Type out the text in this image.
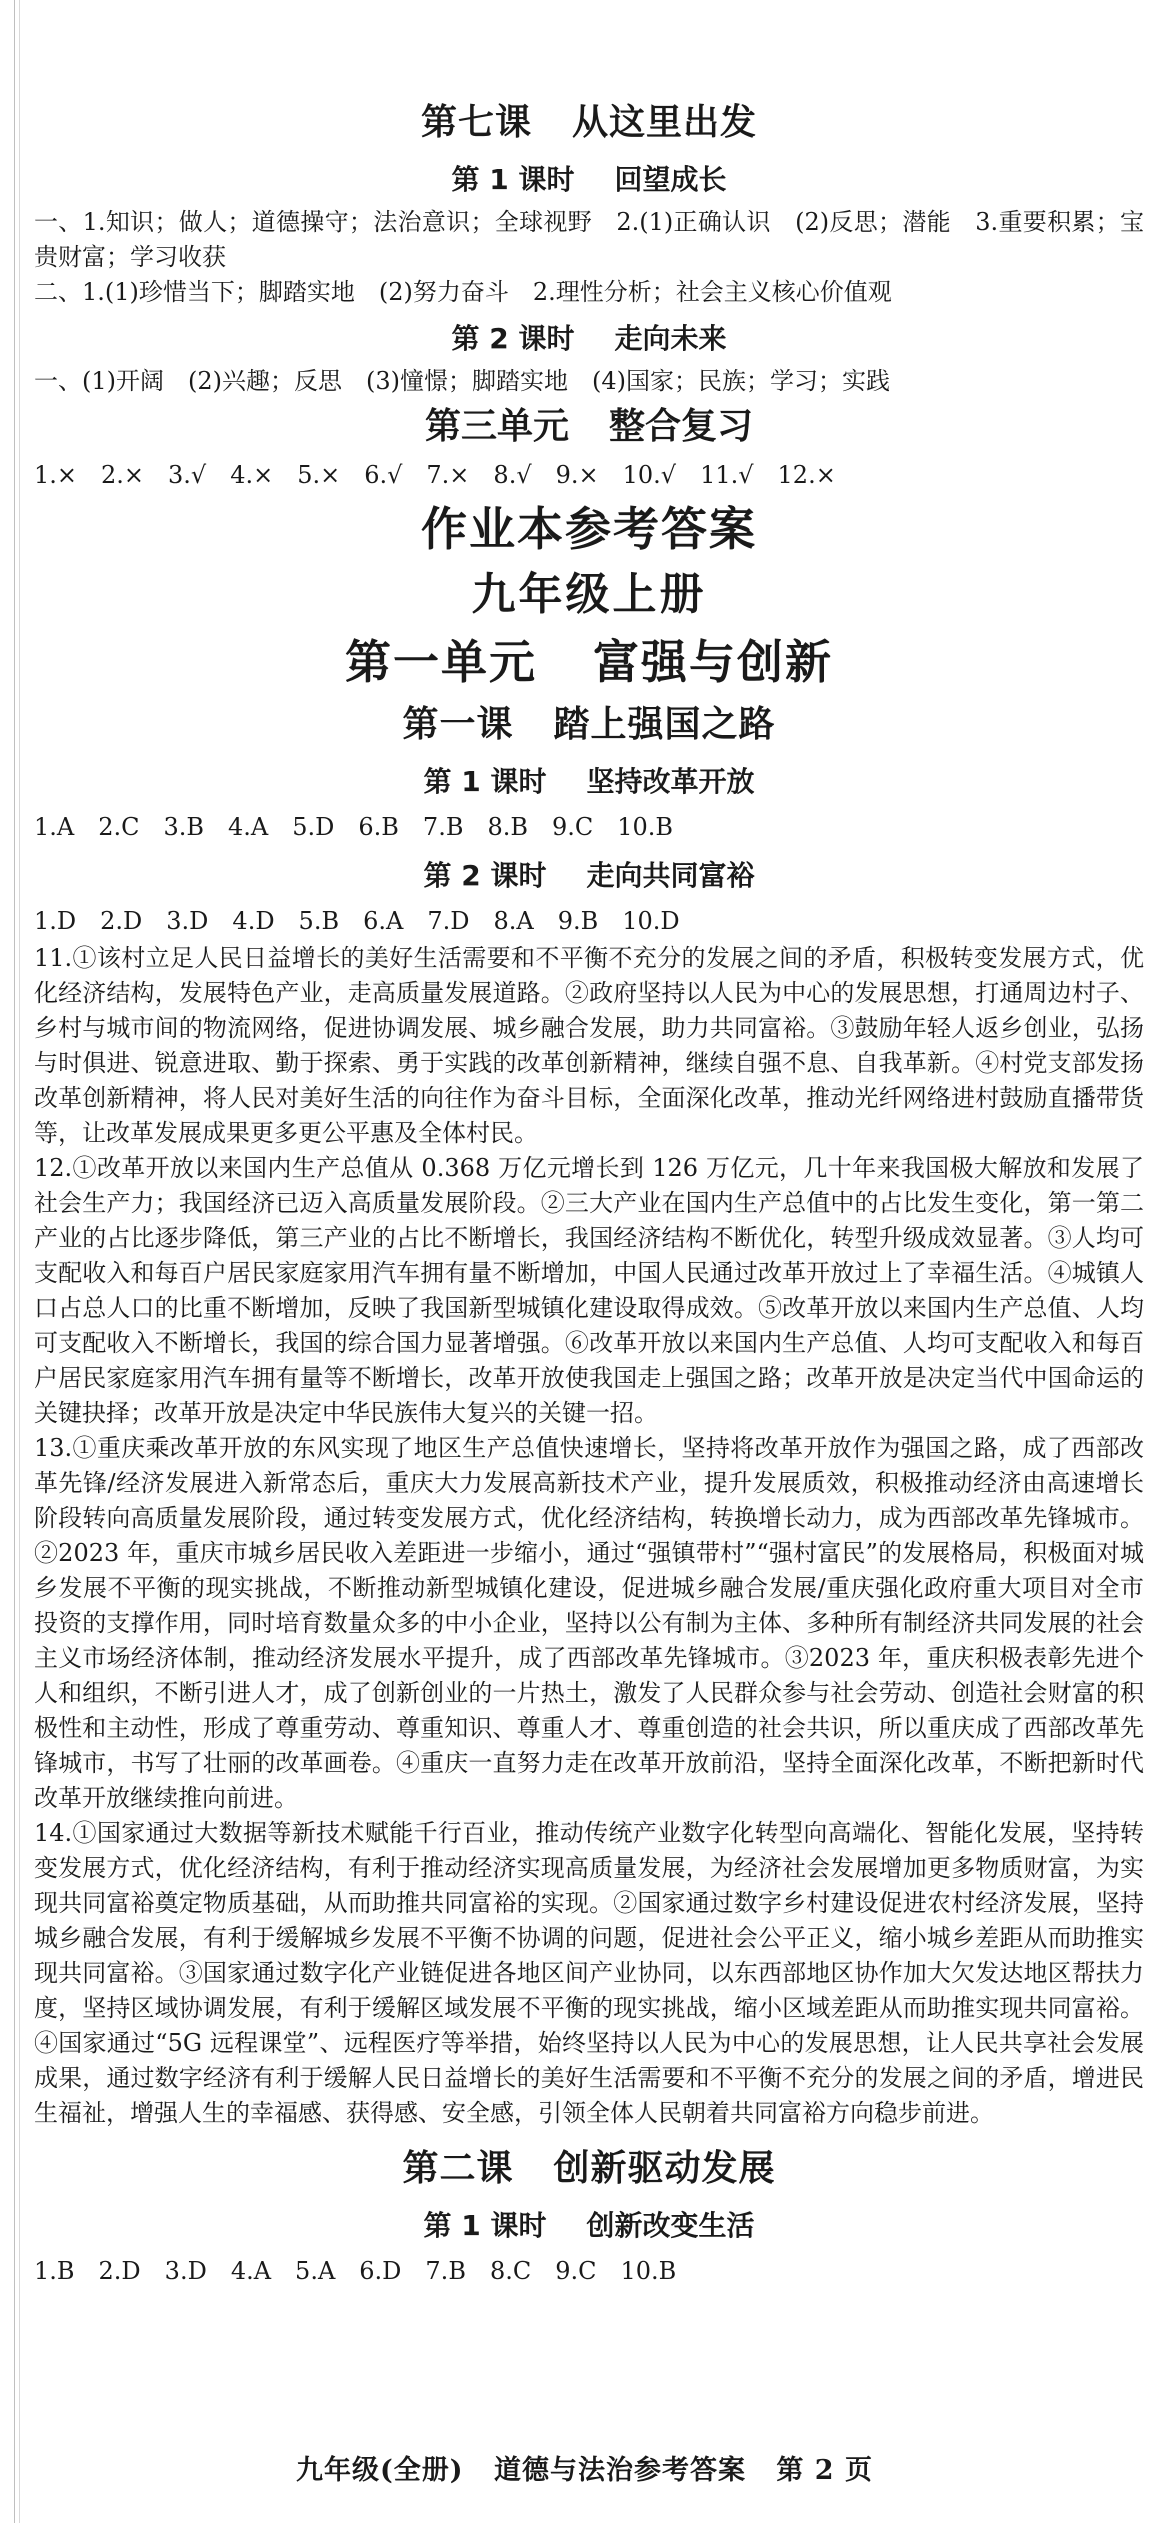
第七课 从这里出发
第 1 课时 回望成长

一、1.知识；做人；道德操守；法治意识；全球视野　2.(1)正确认识　(2)反思；潜能　3.重要积累；宝贵财富；学习收获

二、1.(1)珍惜当下；脚踏实地　(2)努力奋斗　2.理性分析；社会主义核心价值观

第 2 课时 走向未来

一、(1)开阔　(2)兴趣；反思　(3)憧憬；脚踏实地　(4)国家；民族；学习；实践

第三单元 整合复习

1.×　2.×　3.√　4.×　5.×　6.√　7.×　8.√　9.×　10.√　11.√　12.×

作业本参考答案
九年级上册
第一单元 富强与创新
第一课 踏上强国之路
第 1 课时 坚持改革开放

1.A　2.C　3.B　4.A　5.D　6.B　7.B　8.B　9.C　10.B

第 2 课时 走向共同富裕

1.D　2.D　3.D　4.D　5.B　6.A　7.D　8.A　9.B　10.D

11.①该村立足人民日益增长的美好生活需要和不平衡不充分的发展之间的矛盾，积极转变发展方式，优化经济结构，发展特色产业，走高质量发展道路。②政府坚持以人民为中心的发展思想，打通周边村子、乡村与城市间的物流网络，促进协调发展、城乡融合发展，助力共同富裕。③鼓励年轻人返乡创业，弘扬与时俱进、锐意进取、勤于探索、勇于实践的改革创新精神，继续自强不息、自我革新。④村党支部发扬改革创新精神，将人民对美好生活的向往作为奋斗目标，全面深化改革，推动光纤网络进村鼓励直播带货等，让改革发展成果更多更公平惠及全体村民。

12.①改革开放以来国内生产总值从 0.368 万亿元增长到 126 万亿元，几十年来我国极大解放和发展了社会生产力；我国经济已迈入高质量发展阶段。②三大产业在国内生产总值中的占比发生变化，第一第二产业的占比逐步降低，第三产业的占比不断增长，我国经济结构不断优化，转型升级成效显著。③人均可支配收入和每百户居民家庭家用汽车拥有量不断增加，中国人民通过改革开放过上了幸福生活。④城镇人口占总人口的比重不断增加，反映了我国新型城镇化建设取得成效。⑤改革开放以来国内生产总值、人均可支配收入不断增长，我国的综合国力显著增强。⑥改革开放以来国内生产总值、人均可支配收入和每百户居民家庭家用汽车拥有量等不断增长，改革开放使我国走上强国之路；改革开放是决定当代中国命运的关键抉择；改革开放是决定中华民族伟大复兴的关键一招。

13.①重庆乘改革开放的东风实现了地区生产总值快速增长，坚持将改革开放作为强国之路，成了西部改革先锋/经济发展进入新常态后，重庆大力发展高新技术产业，提升发展质效，积极推动经济由高速增长阶段转向高质量发展阶段，通过转变发展方式，优化经济结构，转换增长动力，成为西部改革先锋城市。②2023 年，重庆市城乡居民收入差距进一步缩小，通过“强镇带村”“强村富民”的发展格局，积极面对城乡发展不平衡的现实挑战，不断推动新型城镇化建设，促进城乡融合发展/重庆强化政府重大项目对全市投资的支撑作用，同时培育数量众多的中小企业，坚持以公有制为主体、多种所有制经济共同发展的社会主义市场经济体制，推动经济发展水平提升，成了西部改革先锋城市。③2023 年，重庆积极表彰先进个人和组织，不断引进人才，成了创新创业的一片热土，激发了人民群众参与社会劳动、创造社会财富的积极性和主动性，形成了尊重劳动、尊重知识、尊重人才、尊重创造的社会共识，所以重庆成了西部改革先锋城市，书写了壮丽的改革画卷。④重庆一直努力走在改革开放前沿，坚持全面深化改革，不断把新时代改革开放继续推向前进。

14.①国家通过大数据等新技术赋能千行百业，推动传统产业数字化转型向高端化、智能化发展，坚持转变发展方式，优化经济结构，有利于推动经济实现高质量发展，为经济社会发展增加更多物质财富，为实现共同富裕奠定物质基础，从而助推共同富裕的实现。②国家通过数字乡村建设促进农村经济发展，坚持城乡融合发展，有利于缓解城乡发展不平衡不协调的问题，促进社会公平正义，缩小城乡差距从而助推实现共同富裕。③国家通过数字化产业链促进各地区间产业协同，以东西部地区协作加大欠发达地区帮扶力度，坚持区域协调发展，有利于缓解区域发展不平衡的现实挑战，缩小区域差距从而助推实现共同富裕。④国家通过“5G 远程课堂”、远程医疗等举措，始终坚持以人民为中心的发展思想，让人民共享社会发展成果，通过数字经济有利于缓解人民日益增长的美好生活需要和不平衡不充分的发展之间的矛盾，增进民生福祉，增强人生的幸福感、获得感、安全感，引领全体人民朝着共同富裕方向稳步前进。

第二课 创新驱动发展
第 1 课时 创新改变生活

1.B　2.D　3.D　4.A　5.A　6.D　7.B　8.C　9.C　10.B

九年级(全册) 道德与法治参考答案 第 2 页
